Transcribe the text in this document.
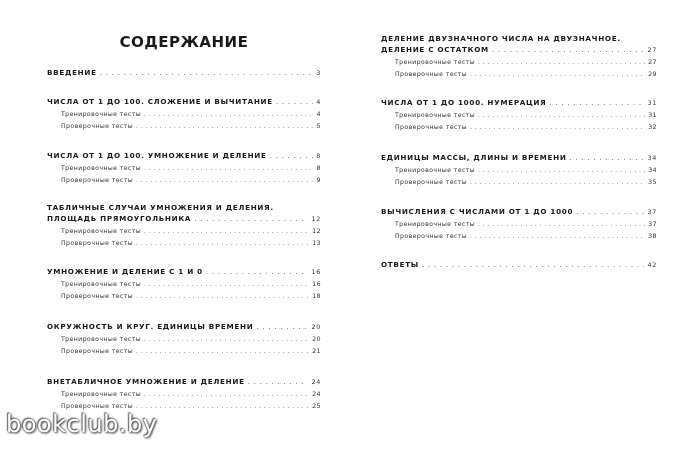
СОДЕРЖАНИЕ
ВВЕДЕНИЕ . . .	3
ЧИСЛА ОТ 1 ДО 100. СЛОЖЕНИЕ И ВЫЧИТАНИЕ . . .	4
Тренировочные тесты . . .	4
Проверочные тесты . . .	5
ЧИСЛА ОТ 1 ДО 100. УМНОЖЕНИЕ И ДЕЛЕНИЕ . . .	8
Тренировочные тесты . . .	8
Проверочные тесты . . .	9
ТАБЛИЧНЫЕ СЛУЧАИ УМНОЖЕНИЯ И ДЕЛЕНИЯ.
ПЛОЩАДЬ ПРЯМОУГОЛЬНИКА . . .	12
Тренировочные тесты . . .	12
Проверочные тесты . . .	13
УМНОЖЕНИЕ И ДЕЛЕНИЕ С 1 И 0 . . .	16
Тренировочные тесты . . .	16
Проверочные тесты . . .	18
ОКРУЖНОСТЬ И КРУГ. ЕДИНИЦЫ ВРЕМЕНИ . . .	20
Тренировочные тесты . . .	20
Проверочные тесты . . .	21
ВНЕТАБЛИЧНОЕ УМНОЖЕНИЕ И ДЕЛЕНИЕ . . .	24
Тренировочные тесты . . .	24
Проверочные тесты . . .	25
ДЕЛЕНИЕ ДВУЗНАЧНОГО ЧИСЛА НА ДВУЗНАЧНОЕ.
ДЕЛЕНИЕ С ОСТАТКОМ . . .	27
Тренировочные тесты . . .	27
Проверочные тесты . . .	29
ЧИСЛА ОТ 1 ДО 1000. НУМЕРАЦИЯ . . .	31
Тренировочные тесты . . .	31
Проверочные тесты . . .	32
ЕДИНИЦЫ МАССЫ, ДЛИНЫ И ВРЕМЕНИ . . .	34
Тренировочные тесты . . .	34
Проверочные тесты . . .	35
ВЫЧИСЛЕНИЯ С ЧИСЛАМИ ОТ 1 ДО 1000 . . .	37
Тренировочные тесты . . .	37
Проверочные тесты . . .	38
ОТВЕТЫ . . .	42
bookclub.by
